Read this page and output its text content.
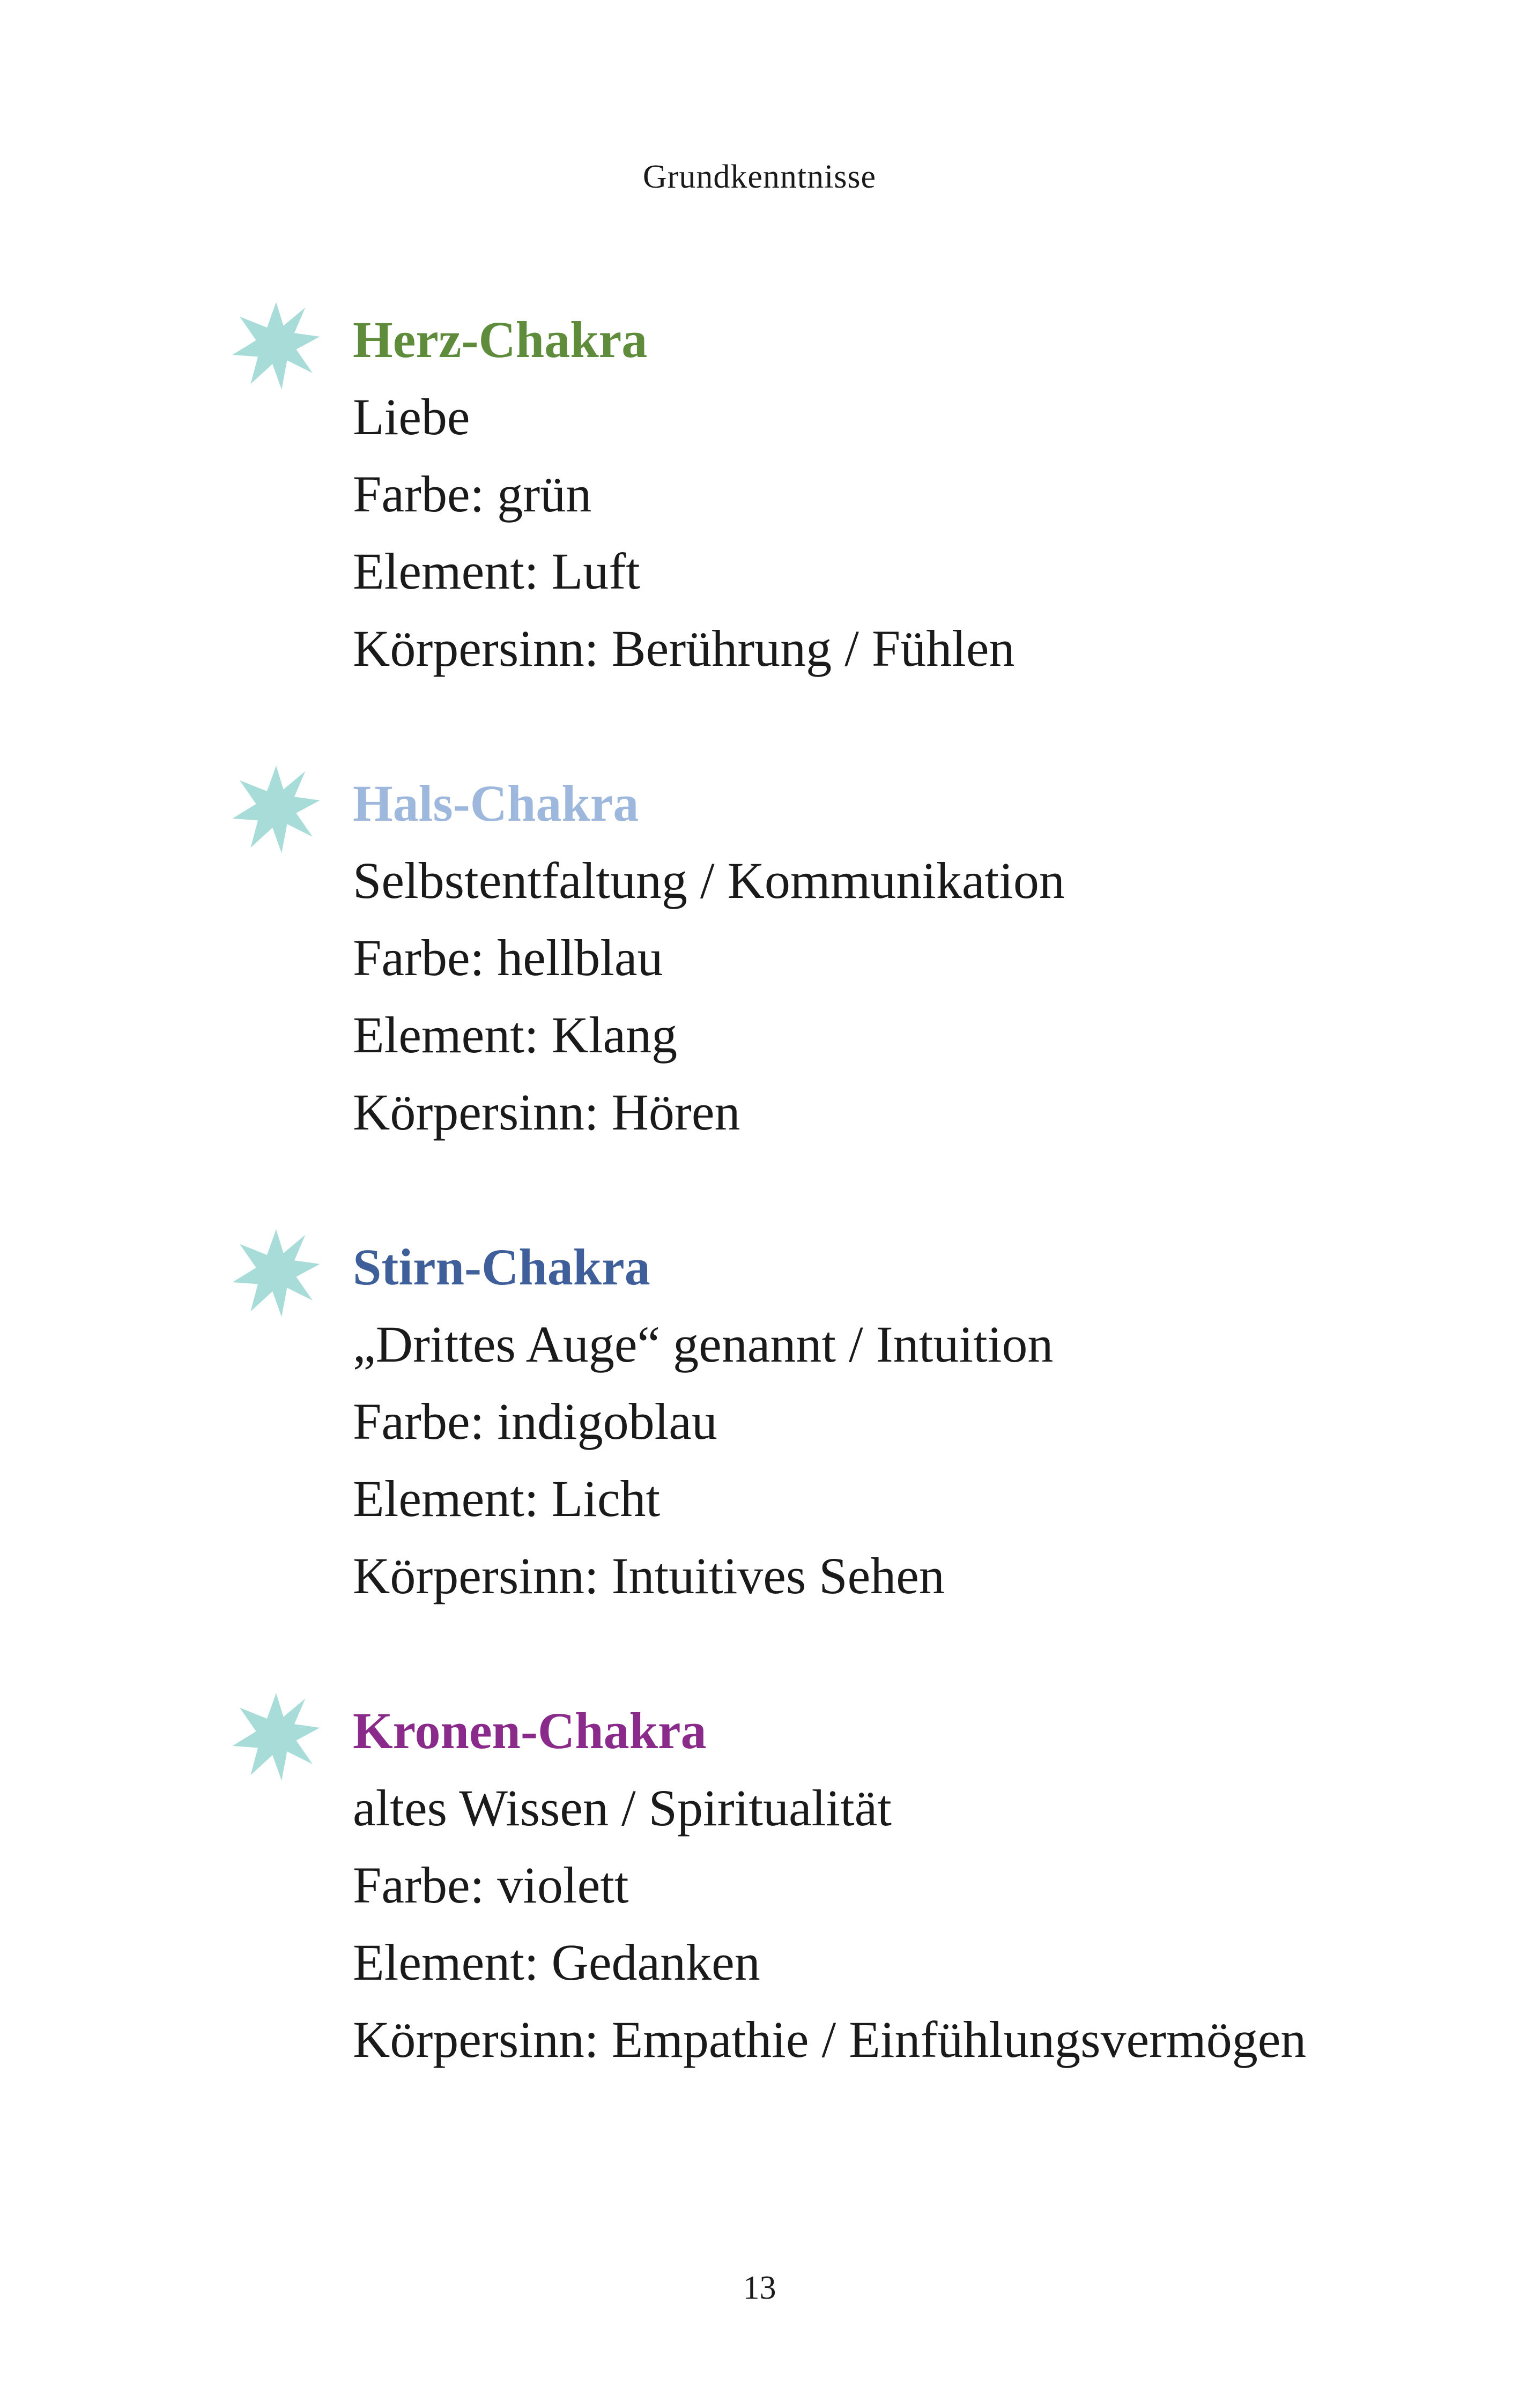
Grundkenntnisse
Herz-Chakra

Liebe

Farbe: grün

Element: Luft

Körpersinn: Berührung / Fühlen

Hals-Chakra

Selbstentfaltung / Kommunikation

Farbe: hellblau

Element: Klang

Körpersinn: Hören

Stirn-Chakra

„Drittes Auge“ genannt / Intuition

Farbe: indigoblau

Element: Licht

Körpersinn: Intuitives Sehen

Kronen-Chakra

altes Wissen / Spiritualität

Farbe: violett

Element: Gedanken

Körpersinn: Empathie / Einfühlungsvermögen

13
